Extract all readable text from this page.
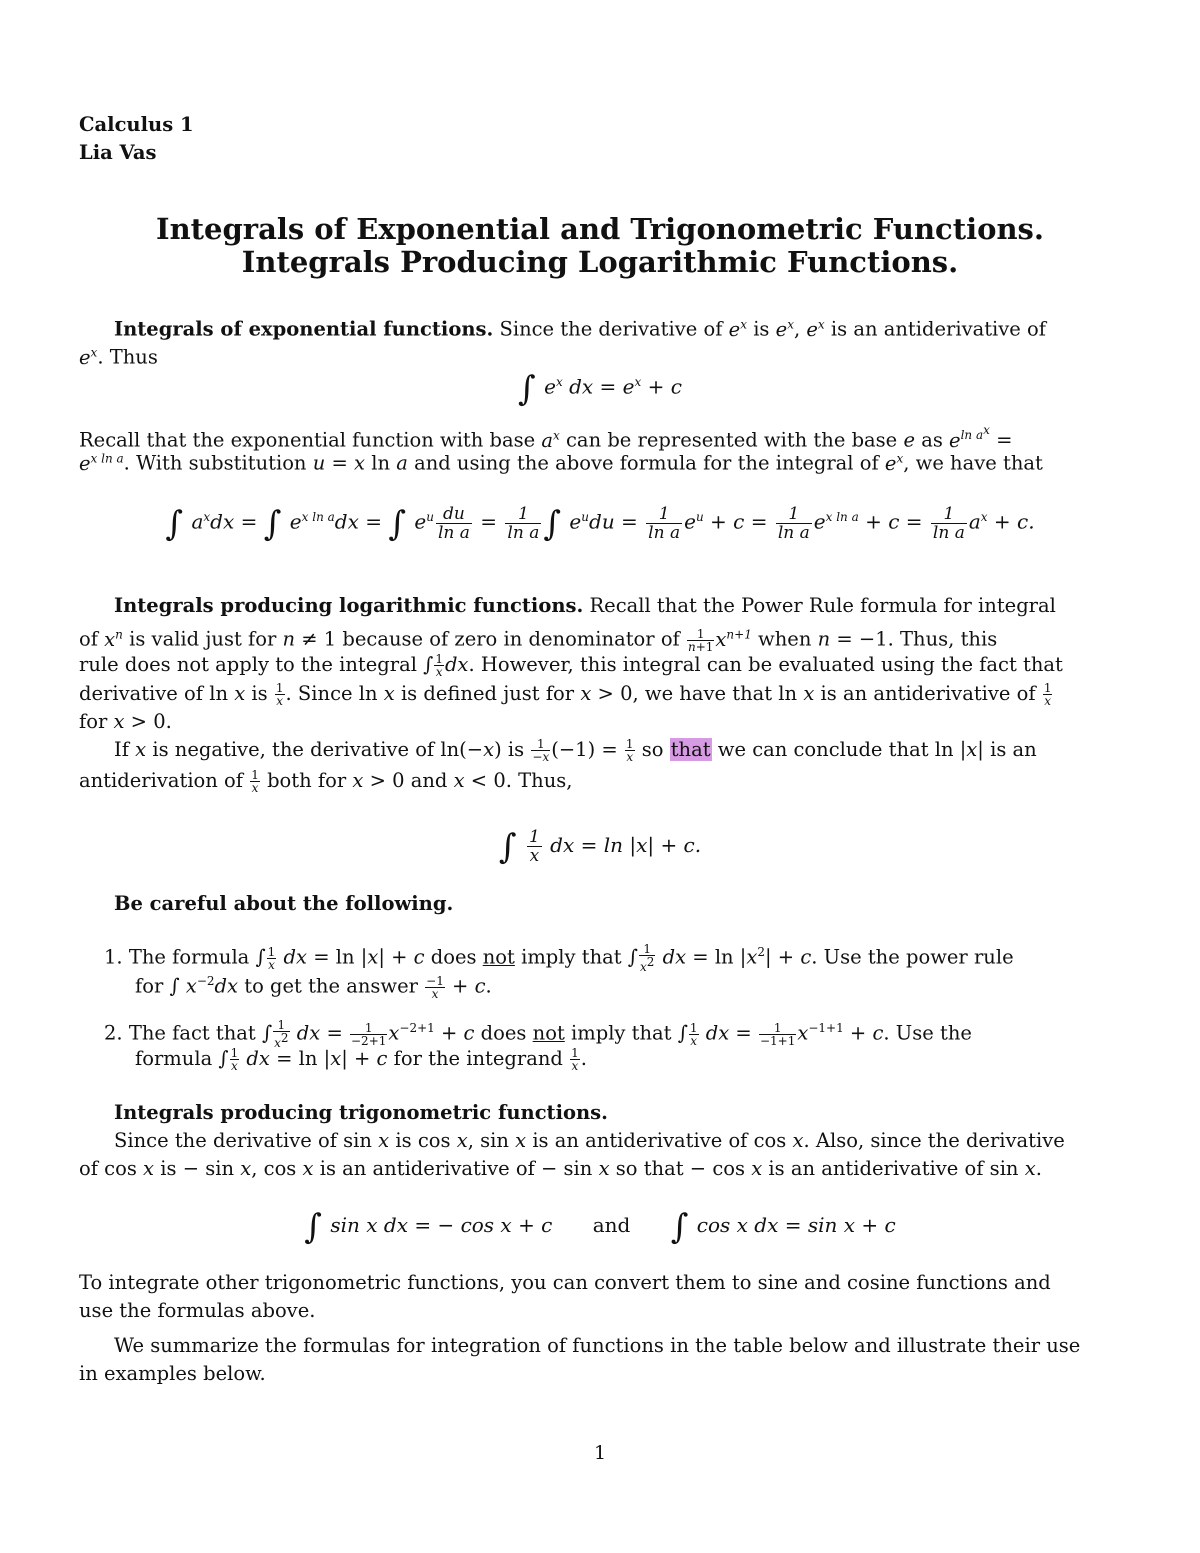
Calculus 1
Lia Vas
Integrals of Exponential and Trigonometric Functions.
Integrals Producing Logarithmic Functions.
Integrals of exponential functions. Since the derivative of $e^x$ is $e^x$, $e^x$ is an antiderivative of
$e^x$. Thus
∫ $e^x$ dx = $e^x + c$
Recall that the exponential function with base $a^x$ can be represented with the base e as $e^{ln a^x}$ =
$e^{x ln a}$. With substitution u = x ln a and using the above formula for the integral of $e^x$, we have that
∫ $a^xdx$ = ∫ $e^{x ln a}dx$ = ∫ $e^u \frac{du}{\text{ln a}} = \frac{1}{\text{ln a}}$ ∫ $e^udu = \frac{1}{\text{ln a}} e^u + c = \frac{1}{\text{ln a}} e^{x ln a} + c = \frac{1}{\text{ln a}} a^x + c$.
Integrals producing logarithmic functions. Recall that the Power Rule formula for integral
of $x^n$ is valid just for n ≠ 1 because of zero in denominator of $\frac{1}{n+1} x^{n+1}$ when n = −1. Thus, this
rule does not apply to the integral ∫ $\frac{1}{x}$ dx. However, this integral can be evaluated using the fact that
derivative of ln x is $\frac{1}{x}$ . Since ln x is defined just for x > 0, we have that ln x is an antiderivative of $\frac{1}{x}$
for x > 0.
If x is negative, the derivative of ln(−x) is $\frac{1}{-x} (-1) = \frac{1}{x}$ so that we can conclude that ln |x| is an
antiderivation of $\frac{1}{x}$ both for x > 0 and x < 0. Thus,
∫ $\frac{1}{x}$ dx = ln |x| + c.
Be careful about the following.
1. The formula ∫ $\frac{1}{x}$ dx = ln |x| + c does not imply that ∫ $\frac{1}{x^2}$ dx = $\ln |x^2| + c$. Use the power rule
for ∫ $x^{-2}dx$ to get the answer $\frac{-1}{x} + c$.
2. The fact that ∫ $\frac{1}{x^2}$ dx = $\frac{1}{-2+1} x^{-2+1} + c$ does not imply that ∫ $\frac{1}{x}$ dx = $\frac{1}{-1+1} x^{-1+1} + c$. Use the
formula ∫ $\frac{1}{x}$ dx = ln |x| + c for the integrand $\frac{1}{x}$ .
Integrals producing trigonometric functions.
Since the derivative of sin x is cos x, sin x is an antiderivative of cos x. Also, since the derivative
of cos x is − sin x, cos x is an antiderivative of − sin x so that − cos x is an antiderivative of sin x.
∫ sin x dx = − cos x + c and ∫ cos x dx = sin x + c
To integrate other trigonometric functions, you can convert them to sine and cosine functions and
use the formulas above.
We summarize the formulas for integration of functions in the table below and illustrate their use
in examples below.
1
